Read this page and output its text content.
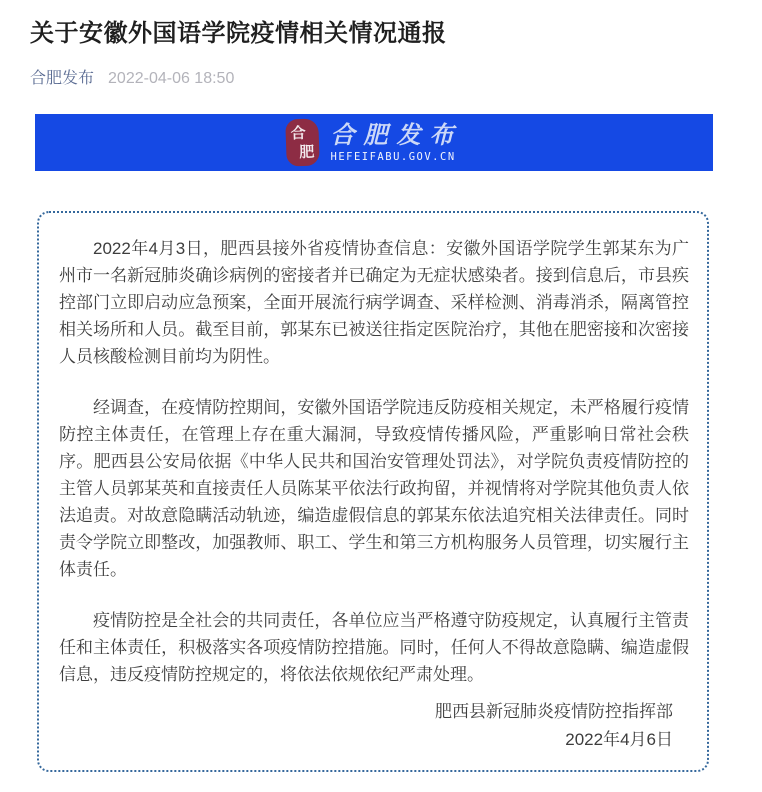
关于安徽外国语学院疫情相关情况通报
合肥发布 2022-04-06 18:50
合
肥
合肥发布
HEFEIFABU.GOV.CN

2022年4月3日，肥西县接外省疫情协查信息：安徽外国语学院学生郭某东为广州市一名新冠肺炎确诊病例的密接者并已确定为无症状感染者。接到信息后，市县疾控部门立即启动应急预案，全面开展流行病学调查、采样检测、消毒消杀，隔离管控相关场所和人员。截至目前，郭某东已被送往指定医院治疗，其他在肥密接和次密接人员核酸检测目前均为阴性。

经调查，在疫情防控期间，安徽外国语学院违反防疫相关规定，未严格履行疫情防控主体责任，在管理上存在重大漏洞，导致疫情传播风险，严重影响日常社会秩序。肥西县公安局依据《中华人民共和国治安管理处罚法》，对学院负责疫情防控的主管人员郭某英和直接责任人员陈某平依法行政拘留，并视情将对学院其他负责人依法追责。对故意隐瞒活动轨迹，编造虚假信息的郭某东依法追究相关法律责任。同时责令学院立即整改，加强教师、职工、学生和第三方机构服务人员管理，切实履行主体责任。

疫情防控是全社会的共同责任，各单位应当严格遵守防疫规定，认真履行主管责任和主体责任，积极落实各项疫情防控措施。同时，任何人不得故意隐瞒、编造虚假信息，违反疫情防控规定的，将依法依规依纪严肃处理。

肥西县新冠肺炎疫情防控指挥部
2022年4月6日
